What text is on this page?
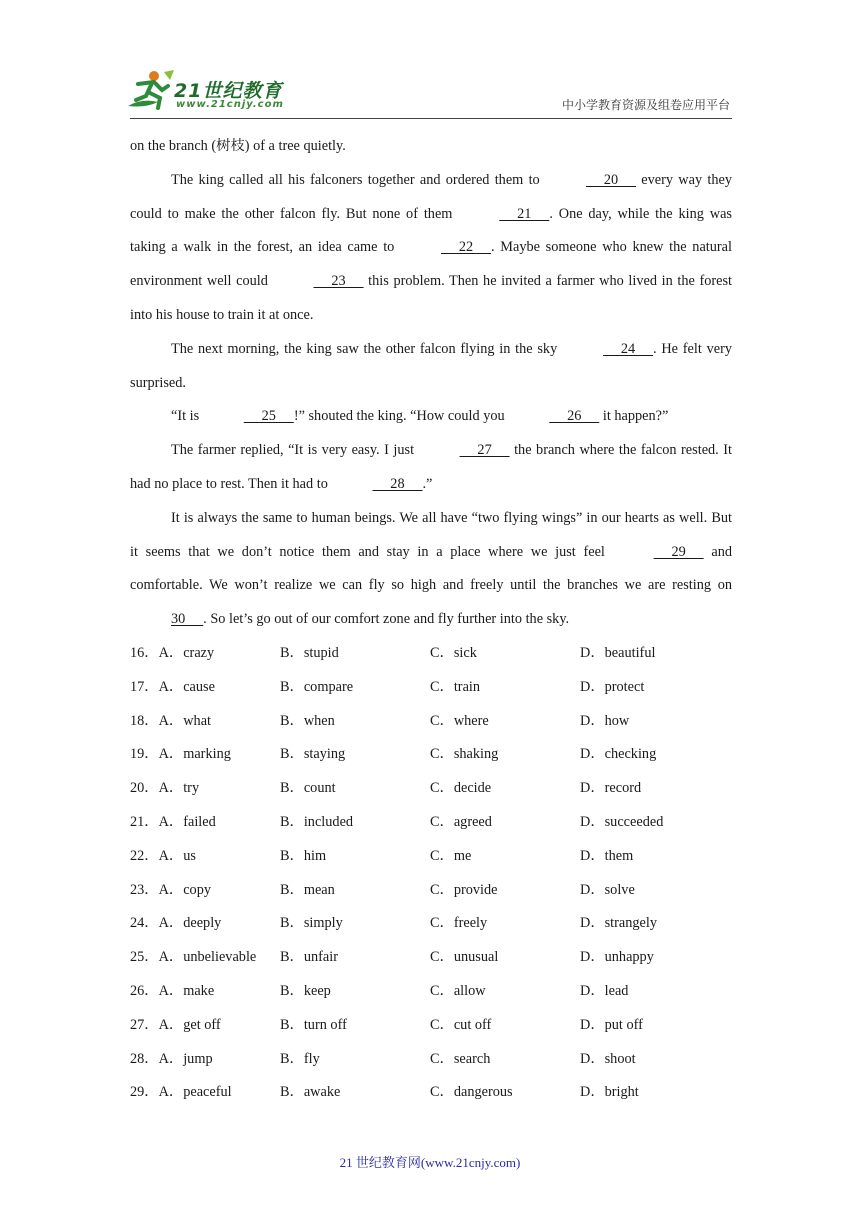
21世纪教育
www.21cnjy.com	中小学教育资源及组卷应用平台

on the branch (树枝) of a tree quietly.

The king called all his falconers together and ordered them to	20      every way they could to make the other falcon fly. But none of them	21     . One day, while the king was taking a walk in the forest, an idea came to	22     . Maybe someone who knew the natural environment well could	23      this problem. Then he invited a farmer who lived in the forest into his house to train it at once.

The next morning, the king saw the other falcon flying in the sky	24     . He felt very surprised.

“It is	25     !” shouted the king. “How could you	26      it happen?”

The farmer replied, “It is very easy. I just	27      the branch where the falcon rested. It had no place to rest. Then it had to	28     .”

It is always the same to human beings. We all have “two flying wings” in our hearts as well. But it seems that we don’t notice them and stay in a place where we just feel	29      and comfortable. We won’t realize we can fly so high and freely until the branches we are resting on 30     . So let’s go out of our comfort zone and fly further into the sky.

16．A．crazy	B．stupid	C．sick	D．beautiful
17．A．cause	B．compare	C．train	D．protect
18．A．what	B．when	C．where	D．how
19．A．marking	B．staying	C．shaking	D．checking
20．A．try	B．count	C．decide	D．record
21．A．failed	B．included	C．agreed	D．succeeded
22．A．us	B．him	C．me	D．them
23．A．copy	B．mean	C．provide	D．solve
24．A．deeply	B．simply	C．freely	D．strangely
25．A．unbelievable	B．unfair	C．unusual	D．unhappy
26．A．make	B．keep	C．allow	D．lead
27．A．get off	B．turn off	C．cut off	D．put off
28．A．jump	B．fly	C．search	D．shoot
29．A．peaceful	B．awake	C．dangerous	D．bright
21 世纪教育网(www.21cnjy.com)
